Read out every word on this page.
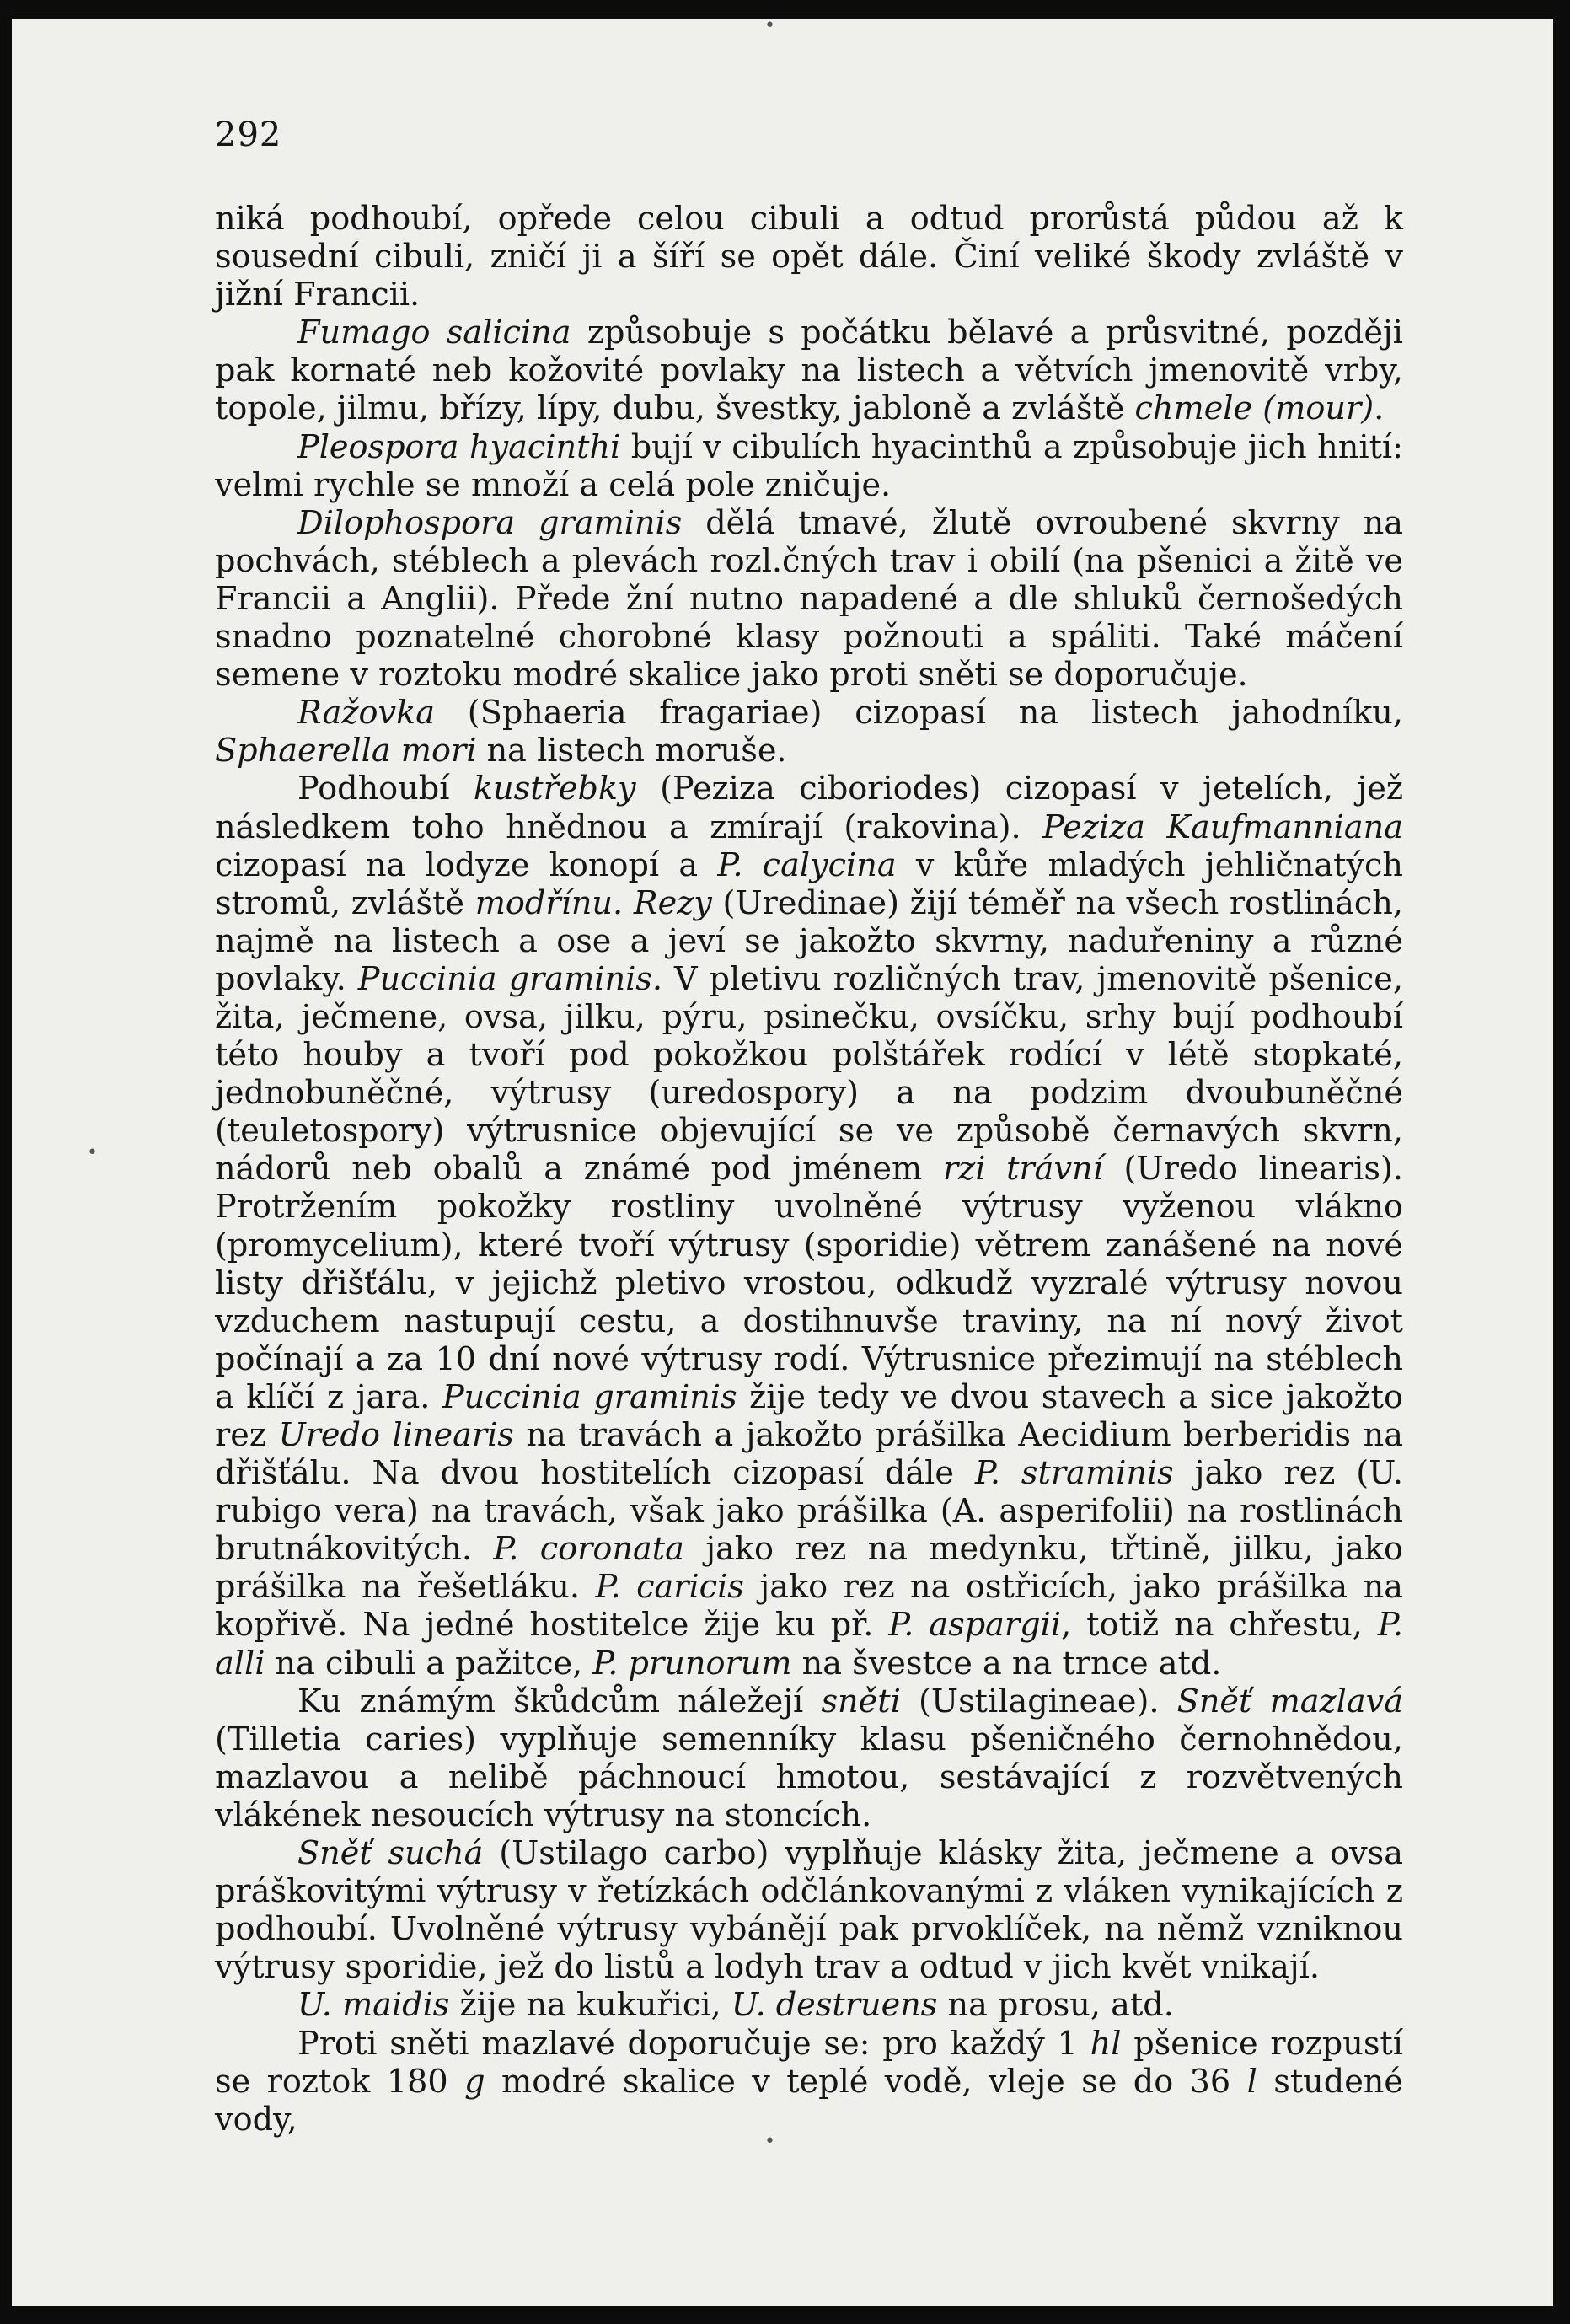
292
•
•
•

niká podhoubí, opřede celou cibuli a odtud prorůstá půdou až k sousední cibuli, zničí ji a šíří se opět dále. Činí veliké škody zvláště v jižní Francii.

Fumago salicina způsobuje s počátku bělavé a průsvitné, později pak kornaté neb kožovité povlaky na listech a větvích jmenovitě vrby, topole, jilmu, břízy, lípy, dubu, švestky, jabloně a zvláště chmele (mour).

Pleospora hyacinthi bují v cibulích hyacinthů a způsobuje jich hnití: velmi rychle se množí a celá pole zničuje.

Dilophospora graminis dělá tmavé, žlutě ovroubené skvrny na pochvách, stéblech a plevách rozl.čných trav i obilí (na pšenici a žitě ve Francii a Anglii). Přede žní nutno napadené a dle shluků černošedých snadno poznatelné chorobné klasy požnouti a spáliti. Také máčení semene v roztoku modré skalice jako proti sněti se doporučuje.

Ražovka (Sphaeria fragariae) cizopasí na listech jahodníku, Sphaerella mori na listech moruše.

Podhoubí kustřebky (Peziza ciboriodes) cizopasí v jetelích, jež následkem toho hnědnou a zmírají (rakovina). Peziza Kaufmanniana cizopasí na lodyze konopí a P. calycina v kůře mladých jehličnatých stromů, zvláště modřínu. Rezy (Uredinae) žijí téměř na všech rostlinách, najmě na listech a ose a jeví se jakožto skvrny, naduřeniny a různé povlaky. Puccinia graminis. V pletivu rozličných trav, jmenovitě pšenice, žita, ječmene, ovsa, jilku, pýru, psinečku, ovsíčku, srhy bují podhoubí této houby a tvoří pod pokožkou polštářek rodící v létě stopkaté, jednobuněčné, výtrusy (uredospory) a na podzim dvoubuněčné (teuletospory) výtrusnice objevující se ve způsobě černavých skvrn, nádorů neb obalů a známé pod jménem rzi trávní (Uredo linearis). Protržením pokožky rostliny uvolněné výtrusy vyženou vlákno (promycelium), které tvoří výtrusy (sporidie) větrem zanášené na nové listy dřišťálu, v jejichž pletivo vrostou, odkudž vyzralé výtrusy novou vzduchem nastupují cestu, a dostihnuvše traviny, na ní nový život počínají a za 10 dní nové výtrusy rodí. Výtrusnice přezimují na stéblech a klíčí z jara. Puccinia graminis žije tedy ve dvou stavech a sice jakožto rez Uredo linearis na travách a jakožto prášilka Aecidium berberidis na dřišťálu. Na dvou hostitelích cizopasí dále P. straminis jako rez (U. rubigo vera) na travách, však jako prášilka (A. asperifolii) na rostlinách brutnákovitých. P. coronata jako rez na medynku, třtině, jilku, jako prášilka na řešetláku. P. caricis jako rez na ostřicích, jako prášilka na kopřivě. Na jedné hostitelce žije ku př. P. aspargii, totiž na chřestu, P. alli na cibuli a pažitce, P. prunorum na švestce a na trnce atd.

Ku známým škůdcům náležejí sněti (Ustilagineae). Sněť mazlavá (Tilletia caries) vyplňuje semenníky klasu pšeničného černohnědou, mazlavou a nelibě páchnoucí hmotou, sestávající z rozvětvených vlákének nesoucích výtrusy na stoncích.

Sněť suchá (Ustilago carbo) vyplňuje klásky žita, ječmene a ovsa práškovitými výtrusy v řetízkách odčlánkovanými z vláken vynikajících z podhoubí. Uvolněné výtrusy vybánějí pak prvoklíček, na němž vzniknou výtrusy sporidie, jež do listů a lodyh trav a odtud v jich květ vnikají.

U. maidis žije na kukuřici, U. destruens na prosu, atd.

Proti sněti mazlavé doporučuje se: pro každý 1 hl pšenice rozpustí se roztok 180 g modré skalice v teplé vodě, vleje se do 36 l studené vody,
